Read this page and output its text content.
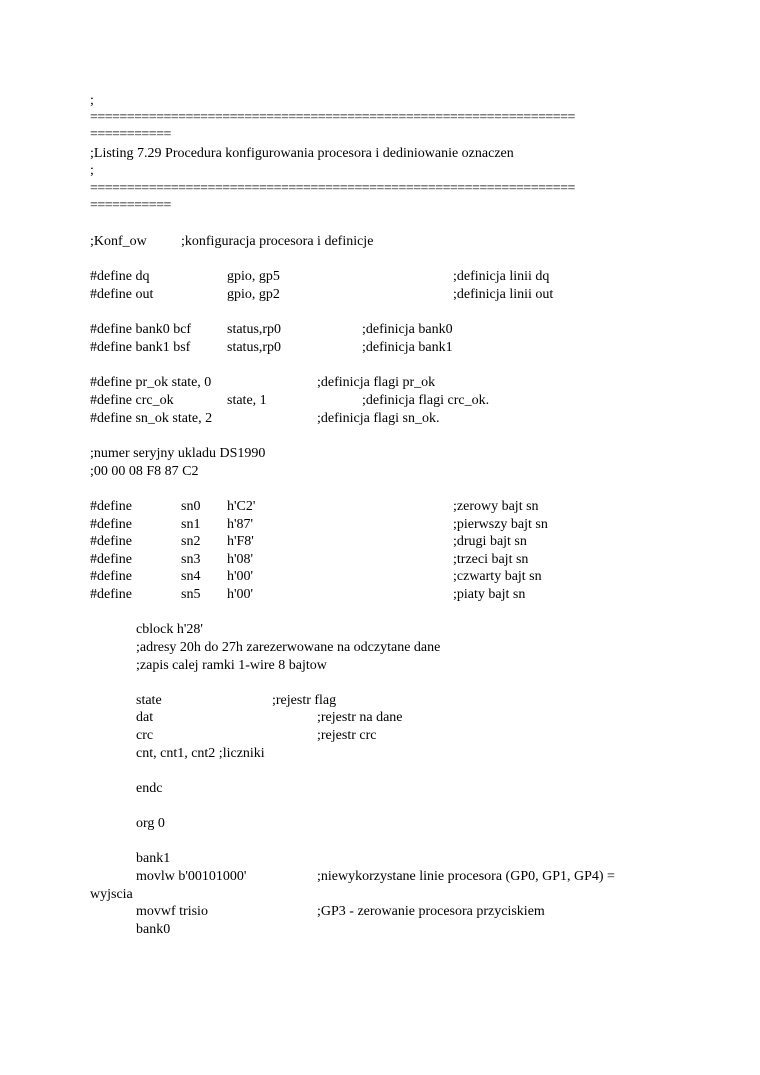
;
==================================================================
===========
;Listing 7.29 Procedura konfigurowania procesora i dediniowanie oznaczen
;
==================================================================
===========
;Konf_ow ;konfiguracja procesora i definicje
#define dq	gpio, gp5	;definicja linii dq
#define out	gpio, gp2	;definicja linii out
#define bank0 bcf	status,rp0	;definicja bank0
#define bank1 bsf	status,rp0	;definicja bank1
#define pr_ok state, 0	;definicja flagi pr_ok
#define crc_ok	state, 1	;definicja flagi crc_ok.
#define sn_ok state, 2	;definicja flagi sn_ok.
;numer seryjny ukladu DS1990
;00 00 08 F8 87 C2
#define	sn0 h'C2'	;zerowy bajt sn
#define	sn1 h'87'	;pierwszy bajt sn
#define	sn2 h'F8'	;drugi bajt sn
#define	sn3 h'08'	;trzeci bajt sn
#define	sn4 h'00'	;czwarty bajt sn
#define	sn5 h'00'	;piaty bajt sn
cblock h'28'
;adresy 20h do 27h zarezerwowane na odczytane dane
;zapis calej ramki 1-wire 8 bajtow
state	;rejestr flag
dat	;rejestr na dane
crc	;rejestr crc
cnt, cnt1, cnt2 ;liczniki
endc
org 0
bank1
movlw b'00101000'	;niewykorzystane linie procesora (GP0, GP1, GP4) =
wyjscia
movwf trisio	;GP3 - zerowanie procesora przyciskiem
bank0
